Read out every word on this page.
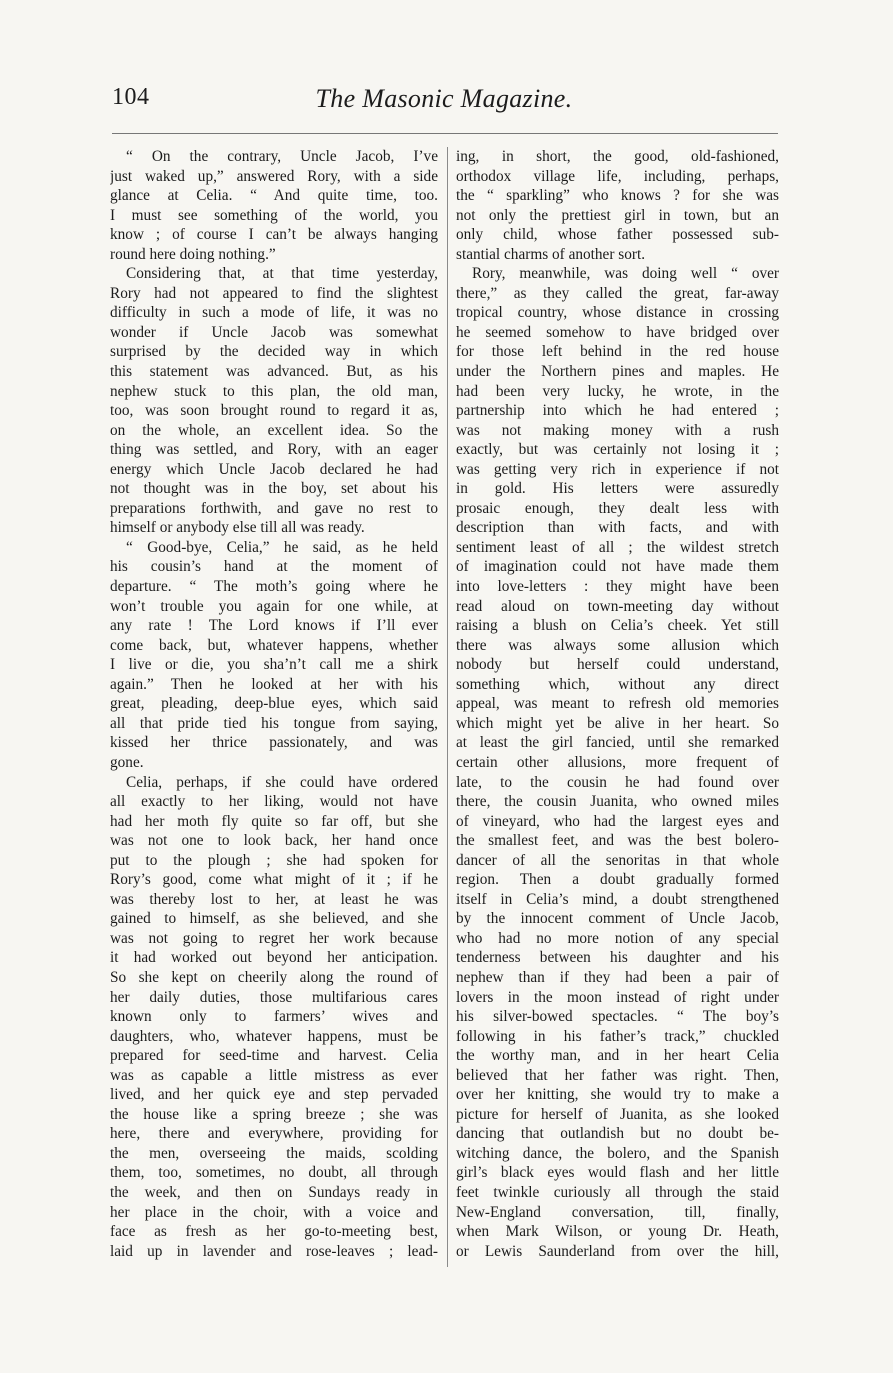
104	The Masonic Magazine.
“ On the contrary, Uncle Jacob, I’ve
just waked up,” answered Rory, with a side
glance at Celia. “ And quite time, too.
I must see something of the world, you
know ; of course I can’t be always hanging
round here doing nothing.”
Considering that, at that time yesterday,
Rory had not appeared to find the slightest
difficulty in such a mode of life, it was no
wonder if Uncle Jacob was somewhat
surprised by the decided way in which
this statement was advanced. But, as his
nephew stuck to this plan, the old man,
too, was soon brought round to regard it as,
on the whole, an excellent idea. So the
thing was settled, and Rory, with an eager
energy which Uncle Jacob declared he had
not thought was in the boy, set about his
preparations forthwith, and gave no rest to
himself or anybody else till all was ready.
“ Good-bye, Celia,” he said, as he held
his cousin’s hand at the moment of
departure. “ The moth’s going where he
won’t trouble you again for one while, at
any rate ! The Lord knows if I’ll ever
come back, but, whatever happens, whether
I live or die, you sha’n’t call me a shirk
again.” Then he looked at her with his
great, pleading, deep-blue eyes, which said
all that pride tied his tongue from saying,
kissed her thrice passionately, and was
gone.
Celia, perhaps, if she could have ordered
all exactly to her liking, would not have
had her moth fly quite so far off, but she
was not one to look back, her hand once
put to the plough ; she had spoken for
Rory’s good, come what might of it ; if he
was thereby lost to her, at least he was
gained to himself, as she believed, and she
was not going to regret her work because
it had worked out beyond her anticipation.
So she kept on cheerily along the round of
her daily duties, those multifarious cares
known only to farmers’ wives and
daughters, who, whatever happens, must be
prepared for seed-time and harvest. Celia
was as capable a little mistress as ever
lived, and her quick eye and step pervaded
the house like a spring breeze ; she was
here, there and everywhere, providing for
the men, overseeing the maids, scolding
them, too, sometimes, no doubt, all through
the week, and then on Sundays ready in
her place in the choir, with a voice and
face as fresh as her go-to-meeting best,
laid up in lavender and rose-leaves ; lead-
ing, in short, the good, old-fashioned,
orthodox village life, including, perhaps,
the “ sparkling” who knows ? for she was
not only the prettiest girl in town, but an
only child, whose father possessed sub-
stantial charms of another sort.
Rory, meanwhile, was doing well “ over
there,” as they called the great, far-away
tropical country, whose distance in crossing
he seemed somehow to have bridged over
for those left behind in the red house
under the Northern pines and maples. He
had been very lucky, he wrote, in the
partnership into which he had entered ;
was not making money with a rush
exactly, but was certainly not losing it ;
was getting very rich in experience if not
in gold. His letters were assuredly
prosaic enough, they dealt less with
description than with facts, and with
sentiment least of all ; the wildest stretch
of imagination could not have made them
into love-letters : they might have been
read aloud on town-meeting day without
raising a blush on Celia’s cheek. Yet still
there was always some allusion which
nobody but herself could understand,
something which, without any direct
appeal, was meant to refresh old memories
which might yet be alive in her heart. So
at least the girl fancied, until she remarked
certain other allusions, more frequent of
late, to the cousin he had found over
there, the cousin Juanita, who owned miles
of vineyard, who had the largest eyes and
the smallest feet, and was the best bolero-
dancer of all the senoritas in that whole
region. Then a doubt gradually formed
itself in Celia’s mind, a doubt strengthened
by the innocent comment of Uncle Jacob,
who had no more notion of any special
tenderness between his daughter and his
nephew than if they had been a pair of
lovers in the moon instead of right under
his silver-bowed spectacles. “ The boy’s
following in his father’s track,” chuckled
the worthy man, and in her heart Celia
believed that her father was right. Then,
over her knitting, she would try to make a
picture for herself of Juanita, as she looked
dancing that outlandish but no doubt be-
witching dance, the bolero, and the Spanish
girl’s black eyes would flash and her little
feet twinkle curiously all through the staid
New-England conversation, till, finally,
when Mark Wilson, or young Dr. Heath,
or Lewis Saunderland from over the hill,
